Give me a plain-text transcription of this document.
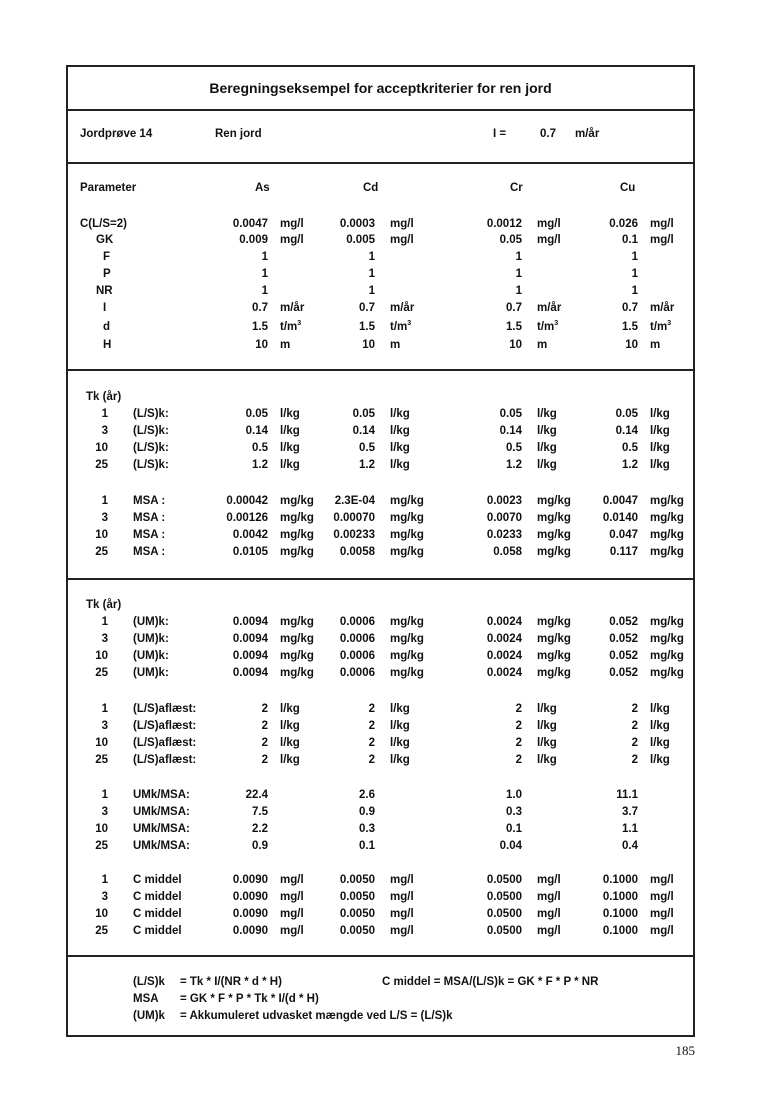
Beregningseksempel for acceptkriterier for ren jord
Jordprøve 14	Ren jord	I =	0.7 m/år
Parameter	As	Cd	Cr	Cu
Tk (år)
Tk (år)
C(L/S=2)	0.0047 mg/l	0.0003 mg/l	0.0012 mg/l	0.026 mg/l
GK	0.009 mg/l	0.005 mg/l	0.05 mg/l	0.1 mg/l
F	1	1	1	1
P	1	1	1	1
NR	1	1	1	1
I	0.7 m/år	0.7 m/år	0.7 m/år	0.7 m/år
d	1.5 $t/m^3$	1.5 $t/m^3$	1.5 $t/m^3$	1.5 $t/m^3$
H	10 m	10 m	10 m	10 m
1 (L/S)k:	0.05 l/kg	0.05 l/kg	0.05 l/kg	0.05 l/kg
3 (L/S)k:	0.14 l/kg	0.14 l/kg	0.14 l/kg	0.14 l/kg
10 (L/S)k:	0.5 l/kg	0.5 l/kg	0.5 l/kg	0.5 l/kg
25 (L/S)k:	1.2 l/kg	1.2 l/kg	1.2 l/kg	1.2 l/kg
1 MSA :	0.00042 mg/kg	2.3E-04 mg/kg	0.0023 mg/kg	0.0047 mg/kg
3 MSA :	0.00126 mg/kg	0.00070 mg/kg	0.0070 mg/kg	0.0140 mg/kg
10 MSA :	0.0042 mg/kg	0.00233 mg/kg	0.0233 mg/kg	0.047 mg/kg
25 MSA :	0.0105 mg/kg	0.0058 mg/kg	0.058 mg/kg	0.117 mg/kg
1 (UM)k:	0.0094 mg/kg	0.0006 mg/kg	0.0024 mg/kg	0.052 mg/kg
3 (UM)k:	0.0094 mg/kg	0.0006 mg/kg	0.0024 mg/kg	0.052 mg/kg
10 (UM)k:	0.0094 mg/kg	0.0006 mg/kg	0.0024 mg/kg	0.052 mg/kg
25 (UM)k:	0.0094 mg/kg	0.0006 mg/kg	0.0024 mg/kg	0.052 mg/kg
1 (L/S)aflæst:	2 l/kg	2 l/kg	2 l/kg	2 l/kg
3 (L/S)aflæst:	2 l/kg	2 l/kg	2 l/kg	2 l/kg
10 (L/S)aflæst:	2 l/kg	2 l/kg	2 l/kg	2 l/kg
25 (L/S)aflæst:	2 l/kg	2 l/kg	2 l/kg	2 l/kg
1 UMk/MSA:	22.4	2.6	1.0	11.1
3 UMk/MSA:	7.5	0.9	0.3	3.7
10 UMk/MSA:	2.2	0.3	0.1	1.1
25 UMk/MSA:	0.9	0.1	0.04	0.4
1 C middel	0.0090 mg/l	0.0050 mg/l	0.0500 mg/l	0.1000 mg/l
3 C middel	0.0090 mg/l	0.0050 mg/l	0.0500 mg/l	0.1000 mg/l
10 C middel	0.0090 mg/l	0.0050 mg/l	0.0500 mg/l	0.1000 mg/l
25 C middel	0.0090 mg/l	0.0050 mg/l	0.0500 mg/l	0.1000 mg/l
(L/S)k = Tk * I/(NR * d * H)	C middel = MSA/(L/S)k = GK * F * P * NR
MSA = GK * F * P * Tk * I/(d * H)
(UM)k = Akkumuleret udvasket mængde ved L/S = (L/S)k
185
